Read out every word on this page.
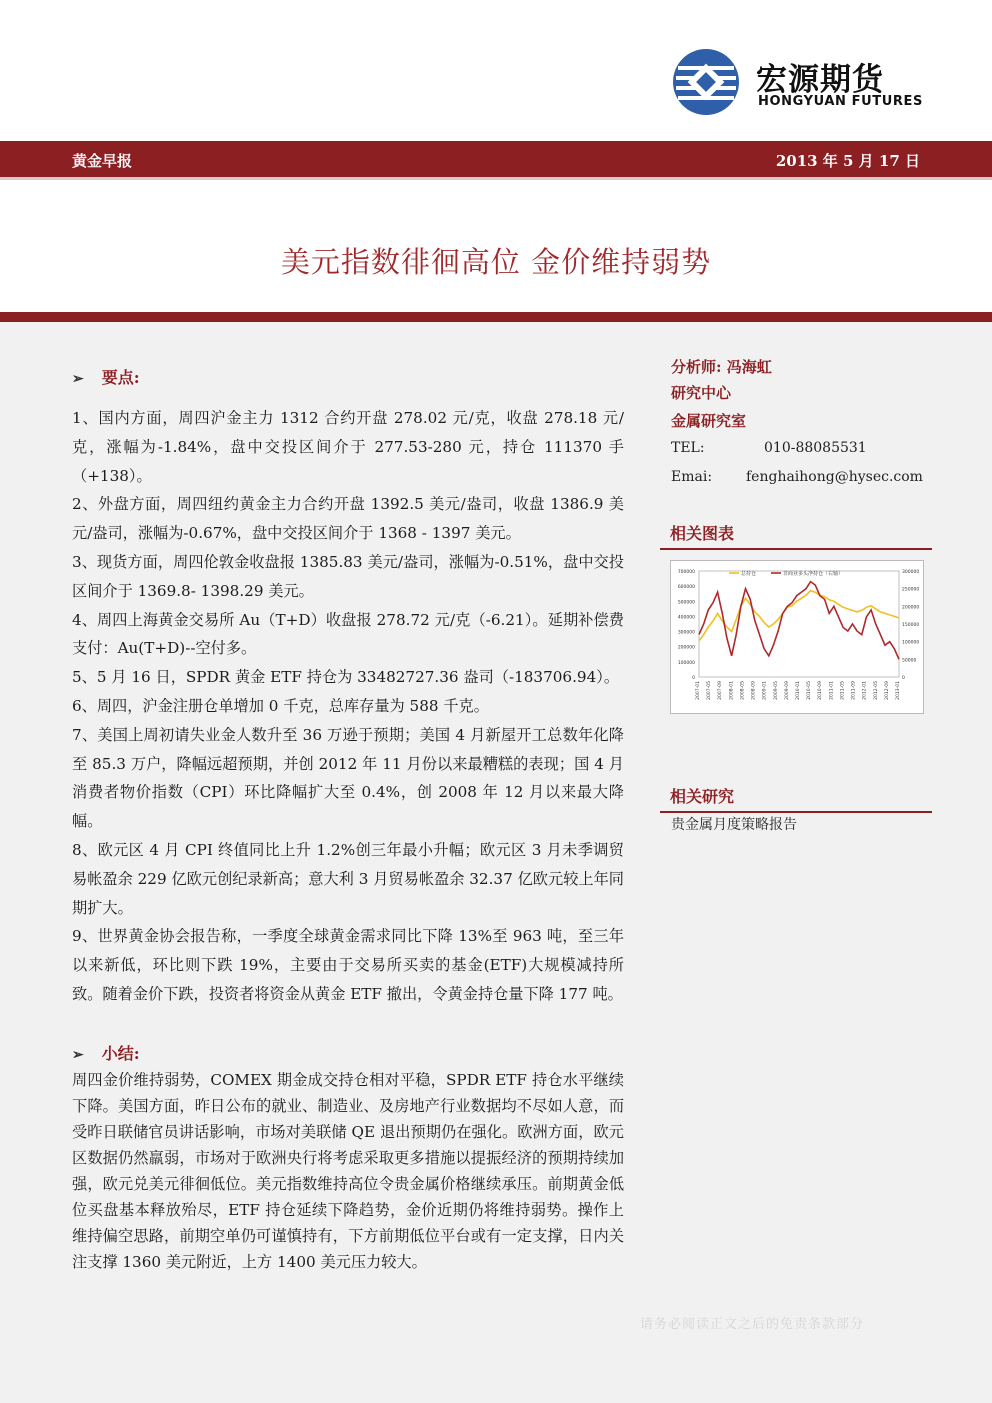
宏源期货
HONGYUAN FUTURES
黄金早报	2013 年 5 月 17 日
美元指数徘徊高位 金价维持弱势
➢ 要点:

1、国内方面，周四沪金主力 1312 合约开盘 278.02 元/克，收盘 278.18 元/克，涨幅为-1.84%，盘中交投区间介于 277.53-280 元，持仓 111370 手（+138）。

2、外盘方面，周四纽约黄金主力合约开盘 1392.5 美元/盎司，收盘 1386.9 美元/盎司，涨幅为-0.67%，盘中交投区间介于 1368 - 1397 美元。

3、现货方面，周四伦敦金收盘报 1385.83 美元/盎司，涨幅为-0.51%，盘中交投区间介于 1369.8- 1398.29 美元。

4、周四上海黄金交易所 Au（T+D）收盘报 278.72 元/克（-6.21）。延期补偿费支付：Au(T+D)--空付多。

5、5 月 16 日，SPDR 黄金 ETF 持仓为 33482727.36 盎司（-183706.94）。

6、周四，沪金注册仓单增加 0 千克，总库存量为 588 千克。

7、美国上周初请失业金人数升至 36 万逊于预期；美国 4 月新屋开工总数年化降至 85.3 万户，降幅远超预期，并创 2012 年 11 月份以来最糟糕的表现；国 4 月消费者物价指数（CPI）环比降幅扩大至 0.4%，创 2008 年 12 月以来最大降幅。

8、欧元区 4 月 CPI 终值同比上升 1.2%创三年最小升幅；欧元区 3 月未季调贸易帐盈余 229 亿欧元创纪录新高；意大利 3 月贸易帐盈余 32.37 亿欧元较上年同期扩大。

9、世界黄金协会报告称，一季度全球黄金需求同比下降 13%至 963 吨，至三年以来新低，环比则下跌 19%，主要由于交易所买卖的基金(ETF)大规模减持所致。随着金价下跌，投资者将资金从黄金 ETF 撤出，令黄金持仓量下降 177 吨。

➢ 小结:
周四金价维持弱势，COMEX 期金成交持仓相对平稳，SPDR ETF 持仓水平继续下降。美国方面，昨日公布的就业、制造业、及房地产行业数据均不尽如人意，而受昨日联储官员讲话影响，市场对美联储 QE 退出预期仍在强化。欧洲方面，欧元区数据仍然羸弱，市场对于欧洲央行将考虑采取更多措施以提振经济的预期持续加强，欧元兑美元徘徊低位。美元指数维持高位令贵金属价格继续承压。前期黄金低位买盘基本释放殆尽，ETF 持仓延续下降趋势，金价近期仍将维持弱势。操作上维持偏空思路，前期空单仍可谨慎持有，下方前期低位平台或有一定支撑，日内关注支撑 1360 美元附近，上方 1400 美元压力较大。
分析师: 冯海虹
研究中心
金属研究室
TEL:	010-88085531
Emai: fenghaihong@hysec.com
相关图表
700000
600000
500000
400000
300000
200000
100000
0
300000
250000
200000
150000
100000
50000
0
2007-01 2007-05 2007-09 2008-01 2008-05 2008-09 2009-01 2009-05 2009-09 2010-01 2010-05 2010-09 2011-01 2011-05 2011-09 2012-01 2012-05 2012-09 2013-01
总持仓	非商业多头净持仓（右轴）
相关研究
贵金属月度策略报告
请务必阅读正文之后的免责条款部分
